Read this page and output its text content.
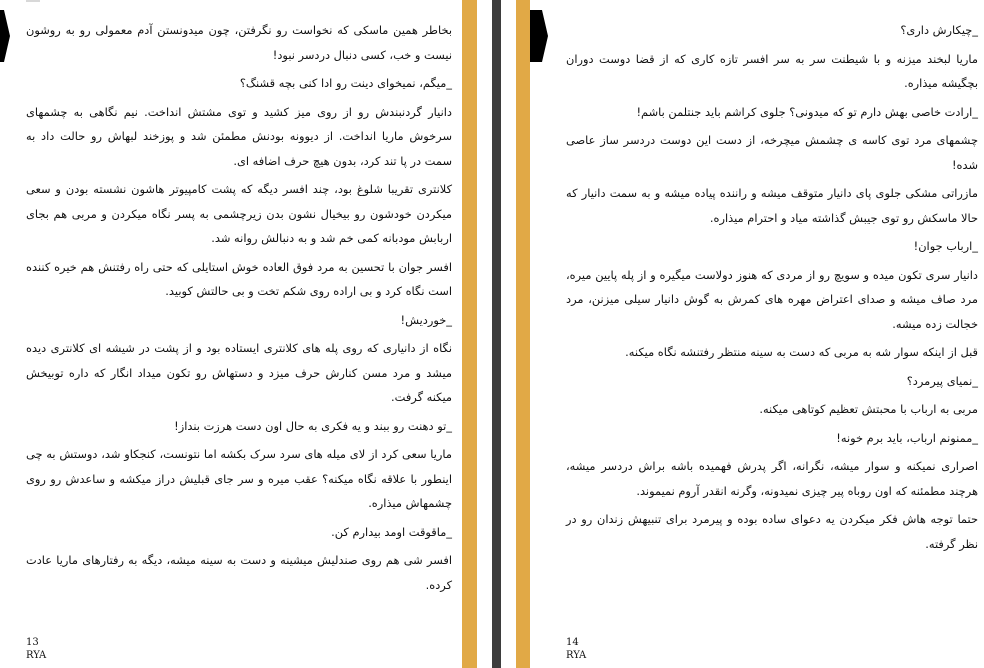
بخاطر همین ماسکی که نخواست رو نگرفتن، چون میدونستن آدم معمولی رو به روشون نیست و خب، کسی دنبال دردسر نبود!

_میگم، نمیخوای دینت رو ادا کنی بچه قشنگ؟

دانیار گردنبندش رو از روی میز کشید و توی مشتش انداخت. نیم نگاهی به چشمهای سرخوش ماریا انداخت. از دیوونه بودنش مطمئن شد و پوزخند لبهاش رو حالت داد به سمت در پا تند کرد، بدون هیچ حرف اضافه ای.

کلانتری تقریبا شلوغ بود، چند افسر دیگه که پشت کامپیوتر هاشون نشسته بودن و سعی میکردن خودشون رو بیخیال نشون بدن زیرچشمی به پسر نگاه میکردن و مربی هم بجای اربابش مودبانه کمی خم شد و به دنبالش روانه شد.

افسر جوان با تحسین به مرد فوق العاده خوش استایلی که حتی راه رفتنش هم خیره کننده است نگاه کرد و بی اراده روی شکم تخت و بی حالتش کوبید.

_خوردیش!

نگاه از دانیاری که روی پله های کلانتری ایستاده بود و از پشت در شیشه ای کلانتری دیده میشد و مرد مسن کنارش حرف میزد و دستهاش رو تکون میداد انگار که داره توبیخش میکنه گرفت.

_تو دهنت رو ببند و یه فکری به حال اون دست هرزت بنداز!

ماریا سعی کرد از لای میله های سرد سرک بکشه اما نتونست، کنجکاو شد، دوستش به چی اینطور با علاقه نگاه میکنه؟ عقب میره و سر جای قبلیش دراز میکشه و ساعدش رو روی چشمهاش میذاره.

_ماقوقت اومد بیدارم کن.

افسر شی هم روی صندلیش میشینه و دست به سینه میشه، دیگه به رفتارهای ماریا عادت کرده.

13
RYA

_چیکارش داری؟

ماریا لبخند میزنه و با شیطنت سر به سر افسر تازه کاری که از قضا دوست دوران بچگیشه میذاره.

_ارادت خاصی بهش دارم تو که میدونی؟ جلوی کراشم باید جنتلمن باشم!

چشمهای مرد توی کاسه ی چشمش میچرخه، از دست این دوست دردسر ساز عاصی شده!

مازراتی مشکی جلوی پای دانیار متوقف میشه و راننده پیاده میشه و به سمت دانیار که حالا ماسکش رو توی جیبش گذاشته میاد و احترام میذاره.

_ارباب جوان!

دانیار سری تکون میده و سویچ رو از مردی که هنوز دولاست میگیره و از پله پایین میره، مرد صاف میشه و صدای اعتراض مهره های کمرش به گوش دانیار سیلی میزنن، مرد خجالت زده میشه.

قبل از اینکه سوار شه به مربی که دست به سینه منتظر رفتنشه نگاه میکنه.

_نمیای پیرمرد؟

مربی به ارباب با محبتش تعظیم کوتاهی میکنه.

_ممنونم ارباب، باید برم خونه!

اصراری نمیکنه و سوار میشه، نگرانه، اگر پدرش فهمیده باشه براش دردسر میشه، هرچند مطمئنه که اون روباه پیر چیزی نمیدونه، وگرنه انقدر آروم نمیموند.

حتما توجه هاش فکر میکردن یه دعوای ساده بوده و پیرمرد برای تنبیهش زندان رو در نظر گرفته.

14
RYA
